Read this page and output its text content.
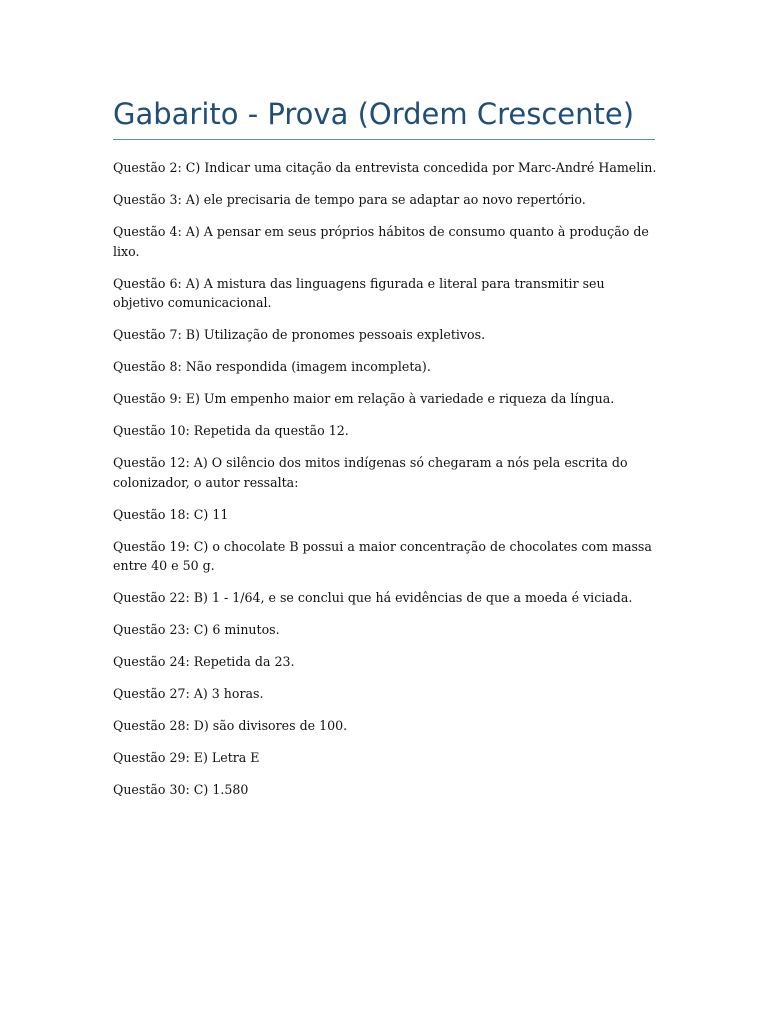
Gabarito - Prova (Ordem Crescente)
Questão 2: C) Indicar uma citação da entrevista concedida por Marc-André Hamelin.
Questão 3: A) ele precisaria de tempo para se adaptar ao novo repertório.
Questão 4: A) A pensar em seus próprios hábitos de consumo quanto à produção de lixo.
Questão 6: A) A mistura das linguagens figurada e literal para transmitir seu objetivo comunicacional.
Questão 7: B) Utilização de pronomes pessoais expletivos.
Questão 8: Não respondida (imagem incompleta).
Questão 9: E) Um empenho maior em relação à variedade e riqueza da língua.
Questão 10: Repetida da questão 12.
Questão 12: A) O silêncio dos mitos indígenas só chegaram a nós pela escrita do colonizador, o autor ressalta:
Questão 18: C) 11
Questão 19: C) o chocolate B possui a maior concentração de chocolates com massa entre 40 e 50 g.
Questão 22: B) 1 - 1/64, e se conclui que há evidências de que a moeda é viciada.
Questão 23: C) 6 minutos.
Questão 24: Repetida da 23.
Questão 27: A) 3 horas.
Questão 28: D) são divisores de 100.
Questão 29: E) Letra E
Questão 30: C) 1.580
